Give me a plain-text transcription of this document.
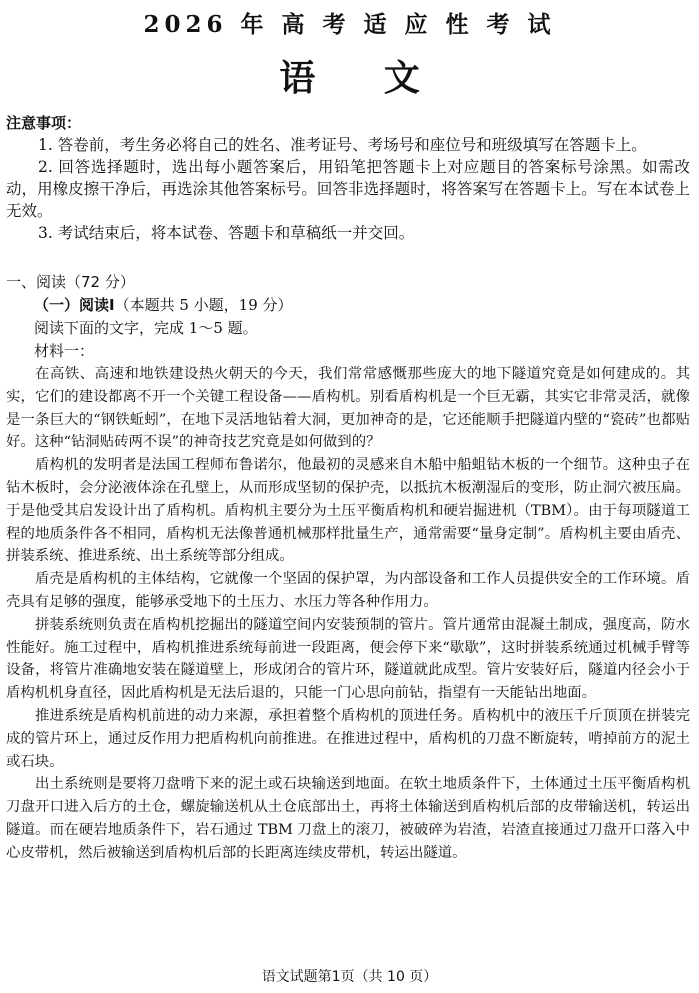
2026 年 高 考 适 应 性 考 试
语 文
注意事项：
1. 答卷前，考生务必将自己的姓名、准考证号、考场号和座位号和班级填写在答题卡上。
2. 回答选择题时，选出每小题答案后，用铅笔把答题卡上对应题目的答案标号涂黑。如需改动，用橡皮擦干净后，再选涂其他答案标号。回答非选择题时，将答案写在答题卡上。写在本试卷上无效。
3. 考试结束后，将本试卷、答题卡和草稿纸一并交回。
一、阅读（72 分）
（一）阅读Ⅰ（本题共 5 小题，19 分）
阅读下面的文字，完成 1～5 题。
材料一：
在高铁、高速和地铁建设热火朝天的今天，我们常常感慨那些庞大的地下隧道究竟是如何建成的。其实，它们的建设都离不开一个关键工程设备——盾构机。别看盾构机是一个巨无霸，其实它非常灵活，就像是一条巨大的“钢铁蚯蚓”，在地下灵活地钻着大洞，更加神奇的是，它还能顺手把隧道内壁的“瓷砖”也都贴好。这种“钻洞贴砖两不误”的神奇技艺究竟是如何做到的？
盾构机的发明者是法国工程师布鲁诺尔，他最初的灵感来自木船中船蛆钻木板的一个细节。这种虫子在钻木板时，会分泌液体涂在孔壁上，从而形成坚韧的保护壳，以抵抗木板潮湿后的变形，防止洞穴被压扁。于是他受其启发设计出了盾构机。盾构机主要分为土压平衡盾构机和硬岩掘进机（TBM）。由于每项隧道工程的地质条件各不相同，盾构机无法像普通机械那样批量生产，通常需要“量身定制”。盾构机主要由盾壳、拼装系统、推进系统、出土系统等部分组成。
盾壳是盾构机的主体结构，它就像一个坚固的保护罩，为内部设备和工作人员提供安全的工作环境。盾壳具有足够的强度，能够承受地下的土压力、水压力等各种作用力。
拼装系统则负责在盾构机挖掘出的隧道空间内安装预制的管片。管片通常由混凝土制成，强度高，防水性能好。施工过程中，盾构机推进系统每前进一段距离，便会停下来“歇歇”，这时拼装系统通过机械手臂等设备，将管片准确地安装在隧道壁上，形成闭合的管片环，隧道就此成型。管片安装好后，隧道内径会小于盾构机机身直径，因此盾构机是无法后退的，只能一门心思向前钻，指望有一天能钻出地面。
推进系统是盾构机前进的动力来源，承担着整个盾构机的顶进任务。盾构机中的液压千斤顶顶在拼装完成的管片环上，通过反作用力把盾构机向前推进。在推进过程中，盾构机的刀盘不断旋转，啃掉前方的泥土或石块。
出土系统则是要将刀盘啃下来的泥土或石块输送到地面。在软土地质条件下，土体通过土压平衡盾构机刀盘开口进入后方的土仓，螺旋输送机从土仓底部出土，再将土体输送到盾构机后部的皮带输送机，转运出隧道。而在硬岩地质条件下，岩石通过 TBM 刀盘上的滚刀，被破碎为岩渣，岩渣直接通过刀盘开口落入中心皮带机，然后被输送到盾构机后部的长距离连续皮带机，转运出隧道。
语文试题第1页（共 10 页）
